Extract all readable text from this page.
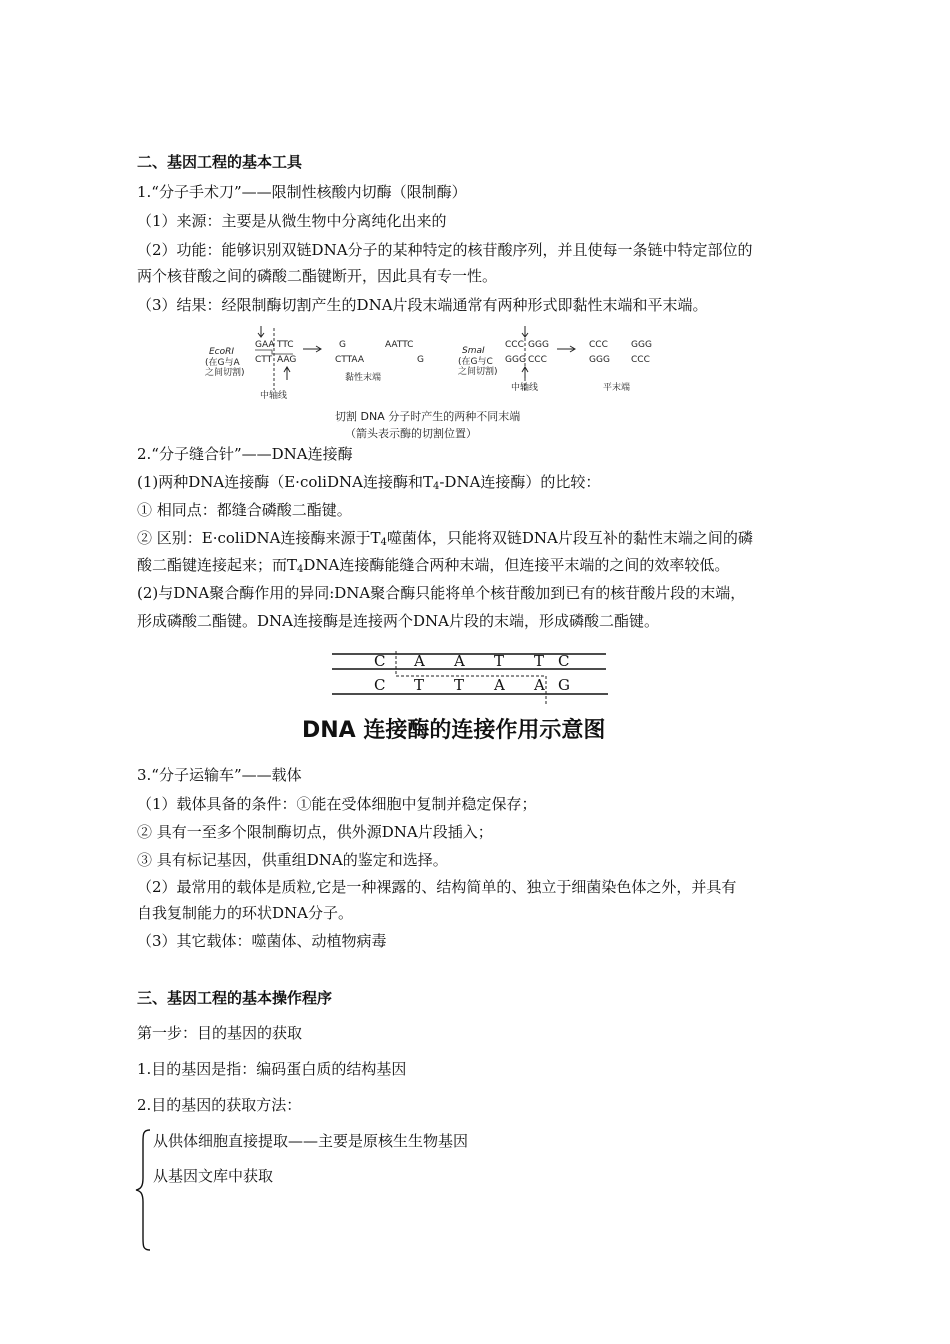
二、基因工程的基本工具
1.“分子手术刀”——限制性核酸内切酶（限制酶）
（1）来源：主要是从微生物中分离纯化出来的
（2）功能：能够识别双链DNA分子的某种特定的核苷酸序列，并且使每一条链中特定部位的
两个核苷酸之间的磷酸二酯键断开，因此具有专一性。
（3）结果：经限制酶切割产生的DNA片段末端通常有两种形式即黏性末端和平末端。
EcoRⅠ
(在G与A
之间切割)
GAA TTC
CTT AAG
中轴线
G	AATTC
CTTAA	G
黏性末端
SmaⅠ
(在G与C
之间切割)
CCC GGG
GGG CCC
中轴线
CCC	GGG
GGG CCC
平末端
切割 DNA 分子时产生的两种不同末端
（箭头表示酶的切割位置）
2.“分子缝合针”——DNA连接酶
(1)两种DNA连接酶（E·coliDNA连接酶和$T_4$-DNA连接酶）的比较：
① 相同点：都缝合磷酸二酯键。
② 区别：E·coliDNA连接酶来源于$T_4$噬菌体，只能将双链DNA片段互补的黏性末端之间的磷
酸二酯键连接起来；而$T_4DNA$连接酶能缝合两种末端，但连接平末端的之间的效率较低。
(2)与DNA聚合酶作用的异同:DNA聚合酶只能将单个核苷酸加到已有的核苷酸片段的末端，
形成磷酸二酯键。DNA连接酶是连接两个DNA片段的末端，形成磷酸二酯键。
C A A T T C
C T T A A G
DNA 连接酶的连接作用示意图
3.“分子运输车”——载体
（1）载体具备的条件：①能在受体细胞中复制并稳定保存；
② 具有一至多个限制酶切点，供外源DNA片段插入；
③ 具有标记基因，供重组DNA的鉴定和选择。
（2）最常用的载体是质粒,它是一种裸露的、结构简单的、独立于细菌染色体之外，并具有
自我复制能力的环状DNA分子。
（3）其它载体：噬菌体、动植物病毒
三、基因工程的基本操作程序
第一步：目的基因的获取
1.目的基因是指：编码蛋白质的结构基因
2.目的基因的获取方法：
从供体细胞直接提取——主要是原核生生物基因
从基因文库中获取
